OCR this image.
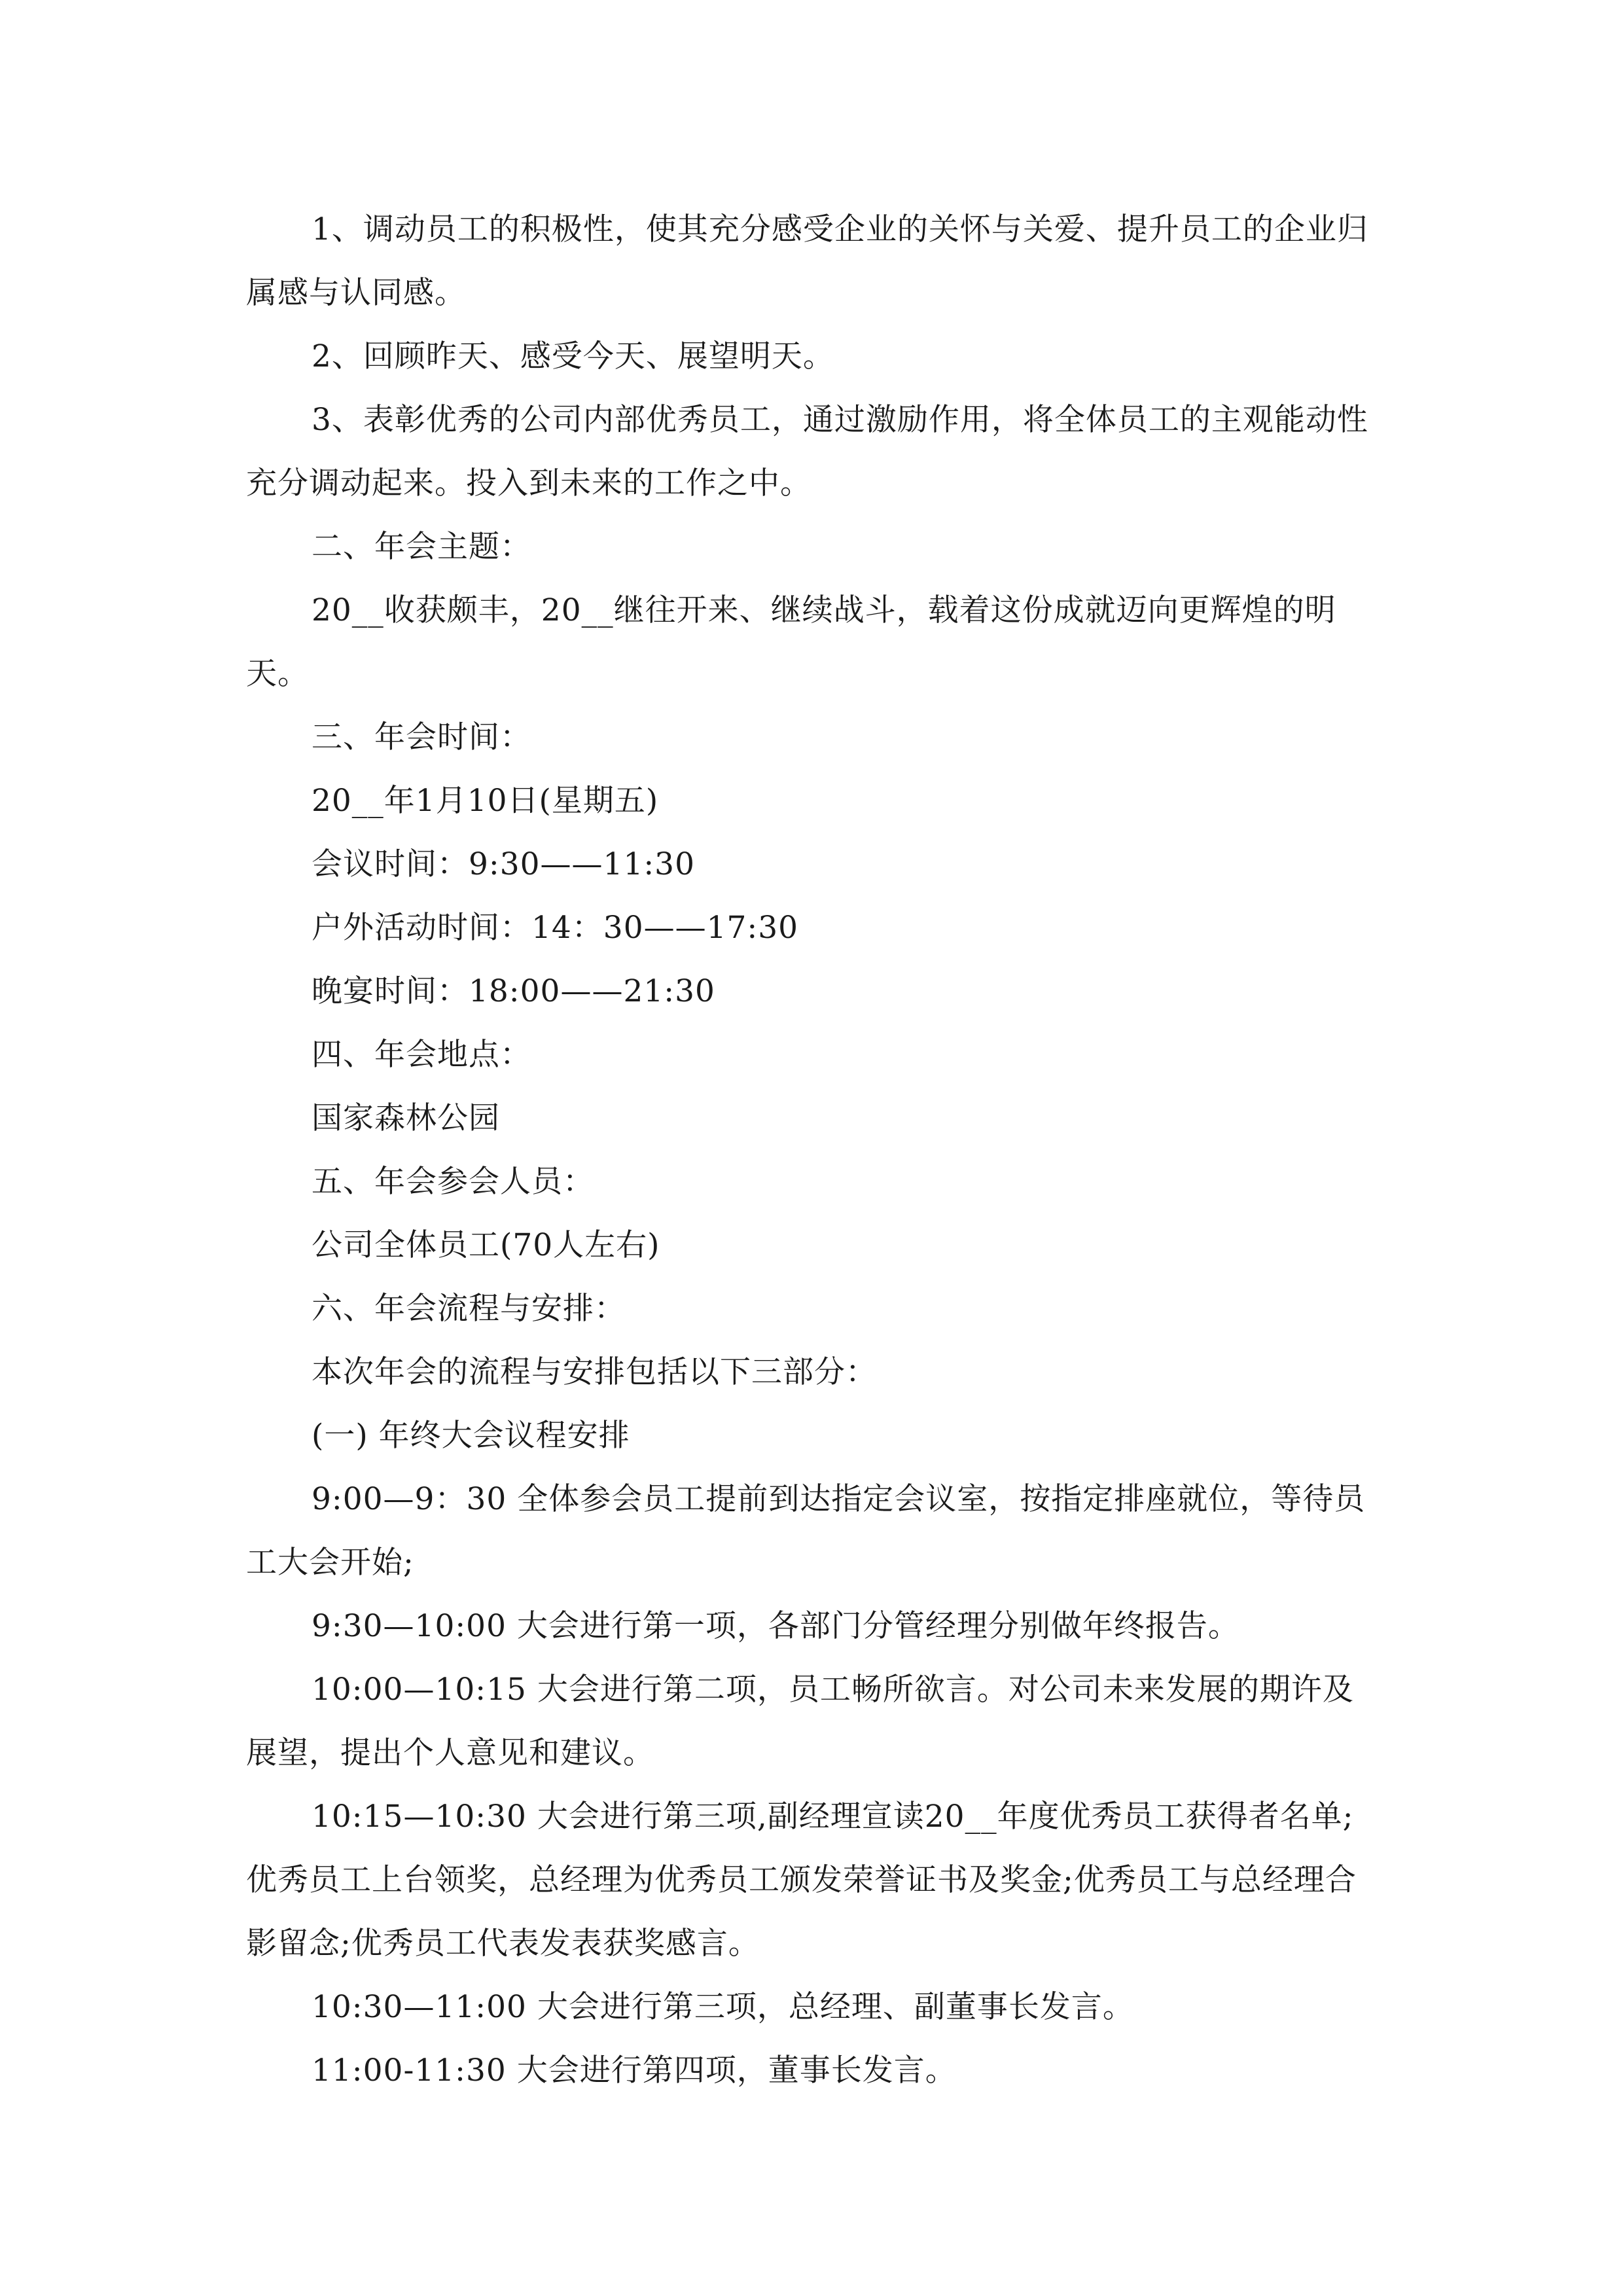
1、调动员工的积极性，使其充分感受企业的关怀与关爱、提升员工的企业归属感与认同感。

2、回顾昨天、感受今天、展望明天。

3、表彰优秀的公司内部优秀员工，通过激励作用，将全体员工的主观能动性充分调动起来。投入到未来的工作之中。

二、年会主题：

20__收获颇丰，20__继往开来、继续战斗，载着这份成就迈向更辉煌的明天。

三、年会时间：

20__年1月10日(星期五)

会议时间：9:30——11:30

户外活动时间：14：30——17:30

晚宴时间：18:00——21:30

四、年会地点：

国家森林公园

五、年会参会人员：

公司全体员工(70人左右)

六、年会流程与安排：

本次年会的流程与安排包括以下三部分：

(一) 年终大会议程安排

9:00—9：30 全体参会员工提前到达指定会议室，按指定排座就位，等待员工大会开始;

9:30—10:00 大会进行第一项，各部门分管经理分别做年终报告。

10:00—10:15 大会进行第二项，员工畅所欲言。对公司未来发展的期许及展望，提出个人意见和建议。

10:15—10:30 大会进行第三项,副经理宣读20__年度优秀员工获得者名单;优秀员工上台领奖，总经理为优秀员工颁发荣誉证书及奖金;优秀员工与总经理合影留念;优秀员工代表发表获奖感言。

10:30—11:00 大会进行第三项，总经理、副董事长发言。

11:00-11:30 大会进行第四项，董事长发言。
